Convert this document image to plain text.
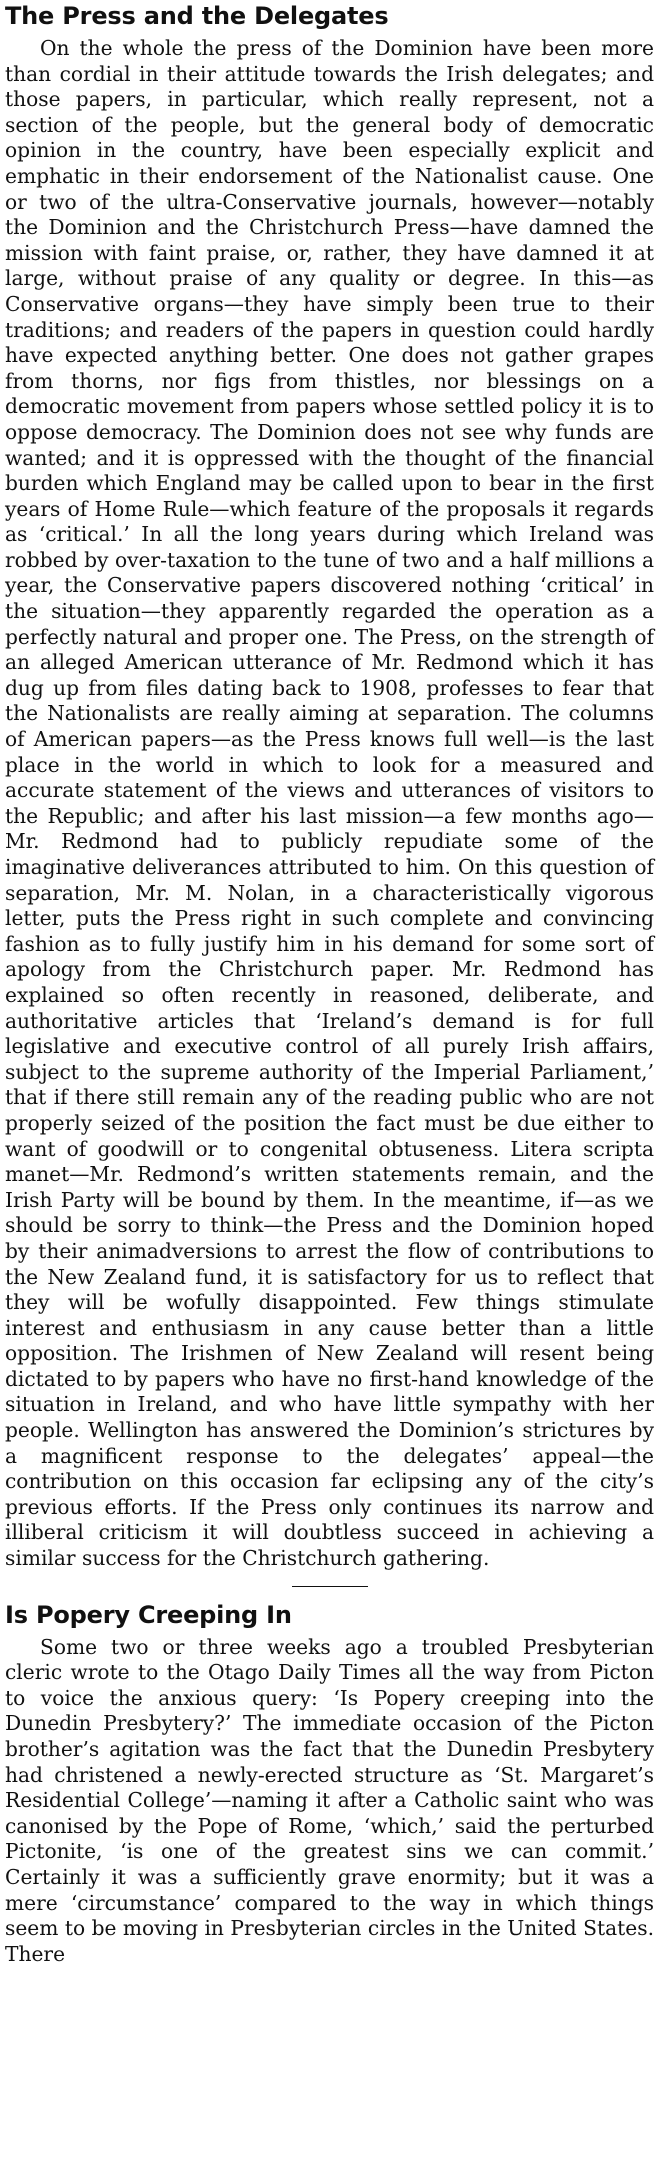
The Press and the Delegates

On the whole the press of the Dominion have been more than cordial in their attitude towards the Irish delegates; and those papers, in particular, which really represent, not a section of the people, but the general body of democratic opinion in the country, have been especially explicit and emphatic in their endorsement of the Nationalist cause. One or two of the ultra-Conservative journals, however—notably the Dominion and the Christchurch Press—have damned the mission with faint praise, or, rather, they have damned it at large, without praise of any quality or degree. In this—as Conservative organs—they have simply been true to their traditions; and readers of the papers in question could hardly have expected anything better. One does not gather grapes from thorns, nor figs from thistles, nor blessings on a democratic movement from papers whose settled policy it is to oppose democracy. The Dominion does not see why funds are wanted; and it is oppressed with the thought of the financial burden which England may be called upon to bear in the first years of Home Rule—which feature of the proposals it regards as ‘critical.’ In all the long years during which Ireland was robbed by over-taxation to the tune of two and a half millions a year, the Conservative papers discovered nothing ‘critical’ in the situation—they apparently regarded the operation as a perfectly natural and proper one. The Press, on the strength of an alleged American utterance of Mr. Redmond which it has dug up from files dating back to 1908, professes to fear that the Nationalists are really aiming at separation. The columns of American papers—as the Press knows full well—is the last place in the world in which to look for a measured and accurate statement of the views and utterances of visitors to the Republic; and after his last mission—a few months ago—Mr. Redmond had to publicly repudiate some of the imaginative deliverances attributed to him. On this question of separation, Mr. M. Nolan, in a characteristically vigorous letter, puts the Press right in such complete and convincing fashion as to fully justify him in his demand for some sort of apology from the Christchurch paper. Mr. Redmond has explained so often recently in reasoned, deliberate, and authoritative articles that ‘Ireland’s demand is for full legislative and executive control of all purely Irish affairs, subject to the supreme authority of the Imperial Parliament,’ that if there still remain any of the reading public who are not properly seized of the position the fact must be due either to want of goodwill or to congenital obtuseness. Litera scripta manet—Mr. Redmond’s written statements remain, and the Irish Party will be bound by them. In the meantime, if—as we should be sorry to think—the Press and the Dominion hoped by their animadversions to arrest the flow of contributions to the New Zealand fund, it is satisfactory for us to reflect that they will be wofully disappointed. Few things stimulate interest and enthusiasm in any cause better than a little opposition. The Irishmen of New Zealand will resent being dictated to by papers who have no first-hand knowledge of the situation in Ireland, and who have little sympathy with her people. Wellington has answered the Dominion’s strictures by a magnificent response to the delegates’ appeal—the contribution on this occasion far eclipsing any of the city’s previous efforts. If the Press only continues its narrow and illiberal criticism it will doubtless succeed in achieving a similar success for the Christchurch gathering.

Is Popery Creeping In

Some two or three weeks ago a troubled Presbyterian cleric wrote to the Otago Daily Times all the way from Picton to voice the anxious query: ‘Is Popery creeping into the Dunedin Presbytery?’ The immediate occasion of the Picton brother’s agitation was the fact that the Dunedin Presbytery had christened a newly-erected structure as ‘St. Margaret’s Residential College’—naming it after a Catholic saint who was canonised by the Pope of Rome, ‘which,’ said the perturbed Pictonite, ‘is one of the greatest sins we can commit.’ Certainly it was a sufficiently grave enormity; but it was a mere ‘circumstance’ compared to the way in which things seem to be moving in Presbyterian circles in the United States. There
